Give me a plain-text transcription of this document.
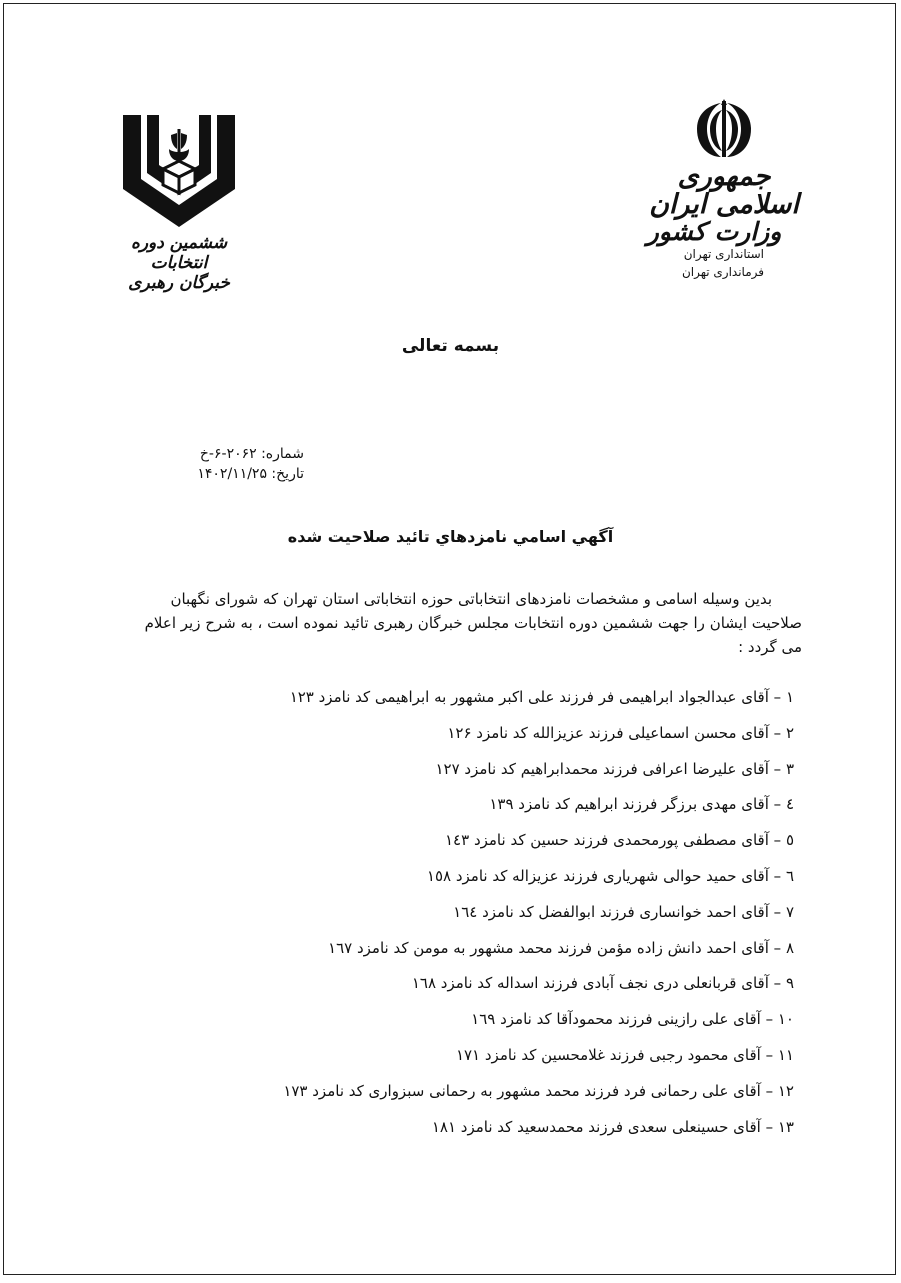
جمهوری اسلامی ایران
وزارت کشور
استانداری تهران
فرمانداری تهران
ششمین دوره انتخابات
خبرگان رهبری
بسمه تعالی
شماره: ۲۰۶۲-۶-خ
تاریخ: ۱۴۰۲/۱۱/۲۵
آگهي اسامي نامزدهاي تائيد صلاحيت شده

بدین وسیله اسامی و مشخصات نامزدهای انتخاباتی حوزه انتخاباتی استان تهران که شورای نگهبان

صلاحیت ایشان را جهت ششمین دوره انتخابات مجلس خبرگان رهبری تائید نموده است ، به شرح زیر اعلام

می گردد :

۱ – آقای عبدالجواد ابراهیمی فر فرزند علی اکبر مشهور به ابراهیمی کد نامزد ۱۲۳
۲ – آقای محسن اسماعیلی فرزند عزیزالله کد نامزد ۱۲۶
۳ – آقای علیرضا اعرافی فرزند محمدابراهیم کد نامزد ۱۲۷
٤ – آقای مهدی برزگر فرزند ابراهیم کد نامزد ۱۳۹
٥ – آقای مصطفی پورمحمدی فرزند حسین کد نامزد ۱٤۳
٦ – آقای حمید حوالی شهریاری فرزند عزیزاله کد نامزد ۱٥۸
۷ – آقای احمد خوانساری فرزند ابوالفضل کد نامزد ۱٦٤
۸ – آقای احمد دانش زاده مؤمن فرزند محمد مشهور به مومن کد نامزد ۱٦۷
۹ – آقای قربانعلی دری نجف آبادی فرزند اسداله کد نامزد ۱٦۸
۱۰ – آقای علی رازینی فرزند محمودآقا کد نامزد ۱٦۹
۱۱ – آقای محمود رجبی فرزند غلامحسین کد نامزد ۱۷۱
۱۲ – آقای علی رحمانی فرد فرزند محمد مشهور به رحمانی سبزواری کد نامزد ۱۷۳
۱۳ – آقای حسینعلی سعدی فرزند محمدسعید کد نامزد ۱۸۱
